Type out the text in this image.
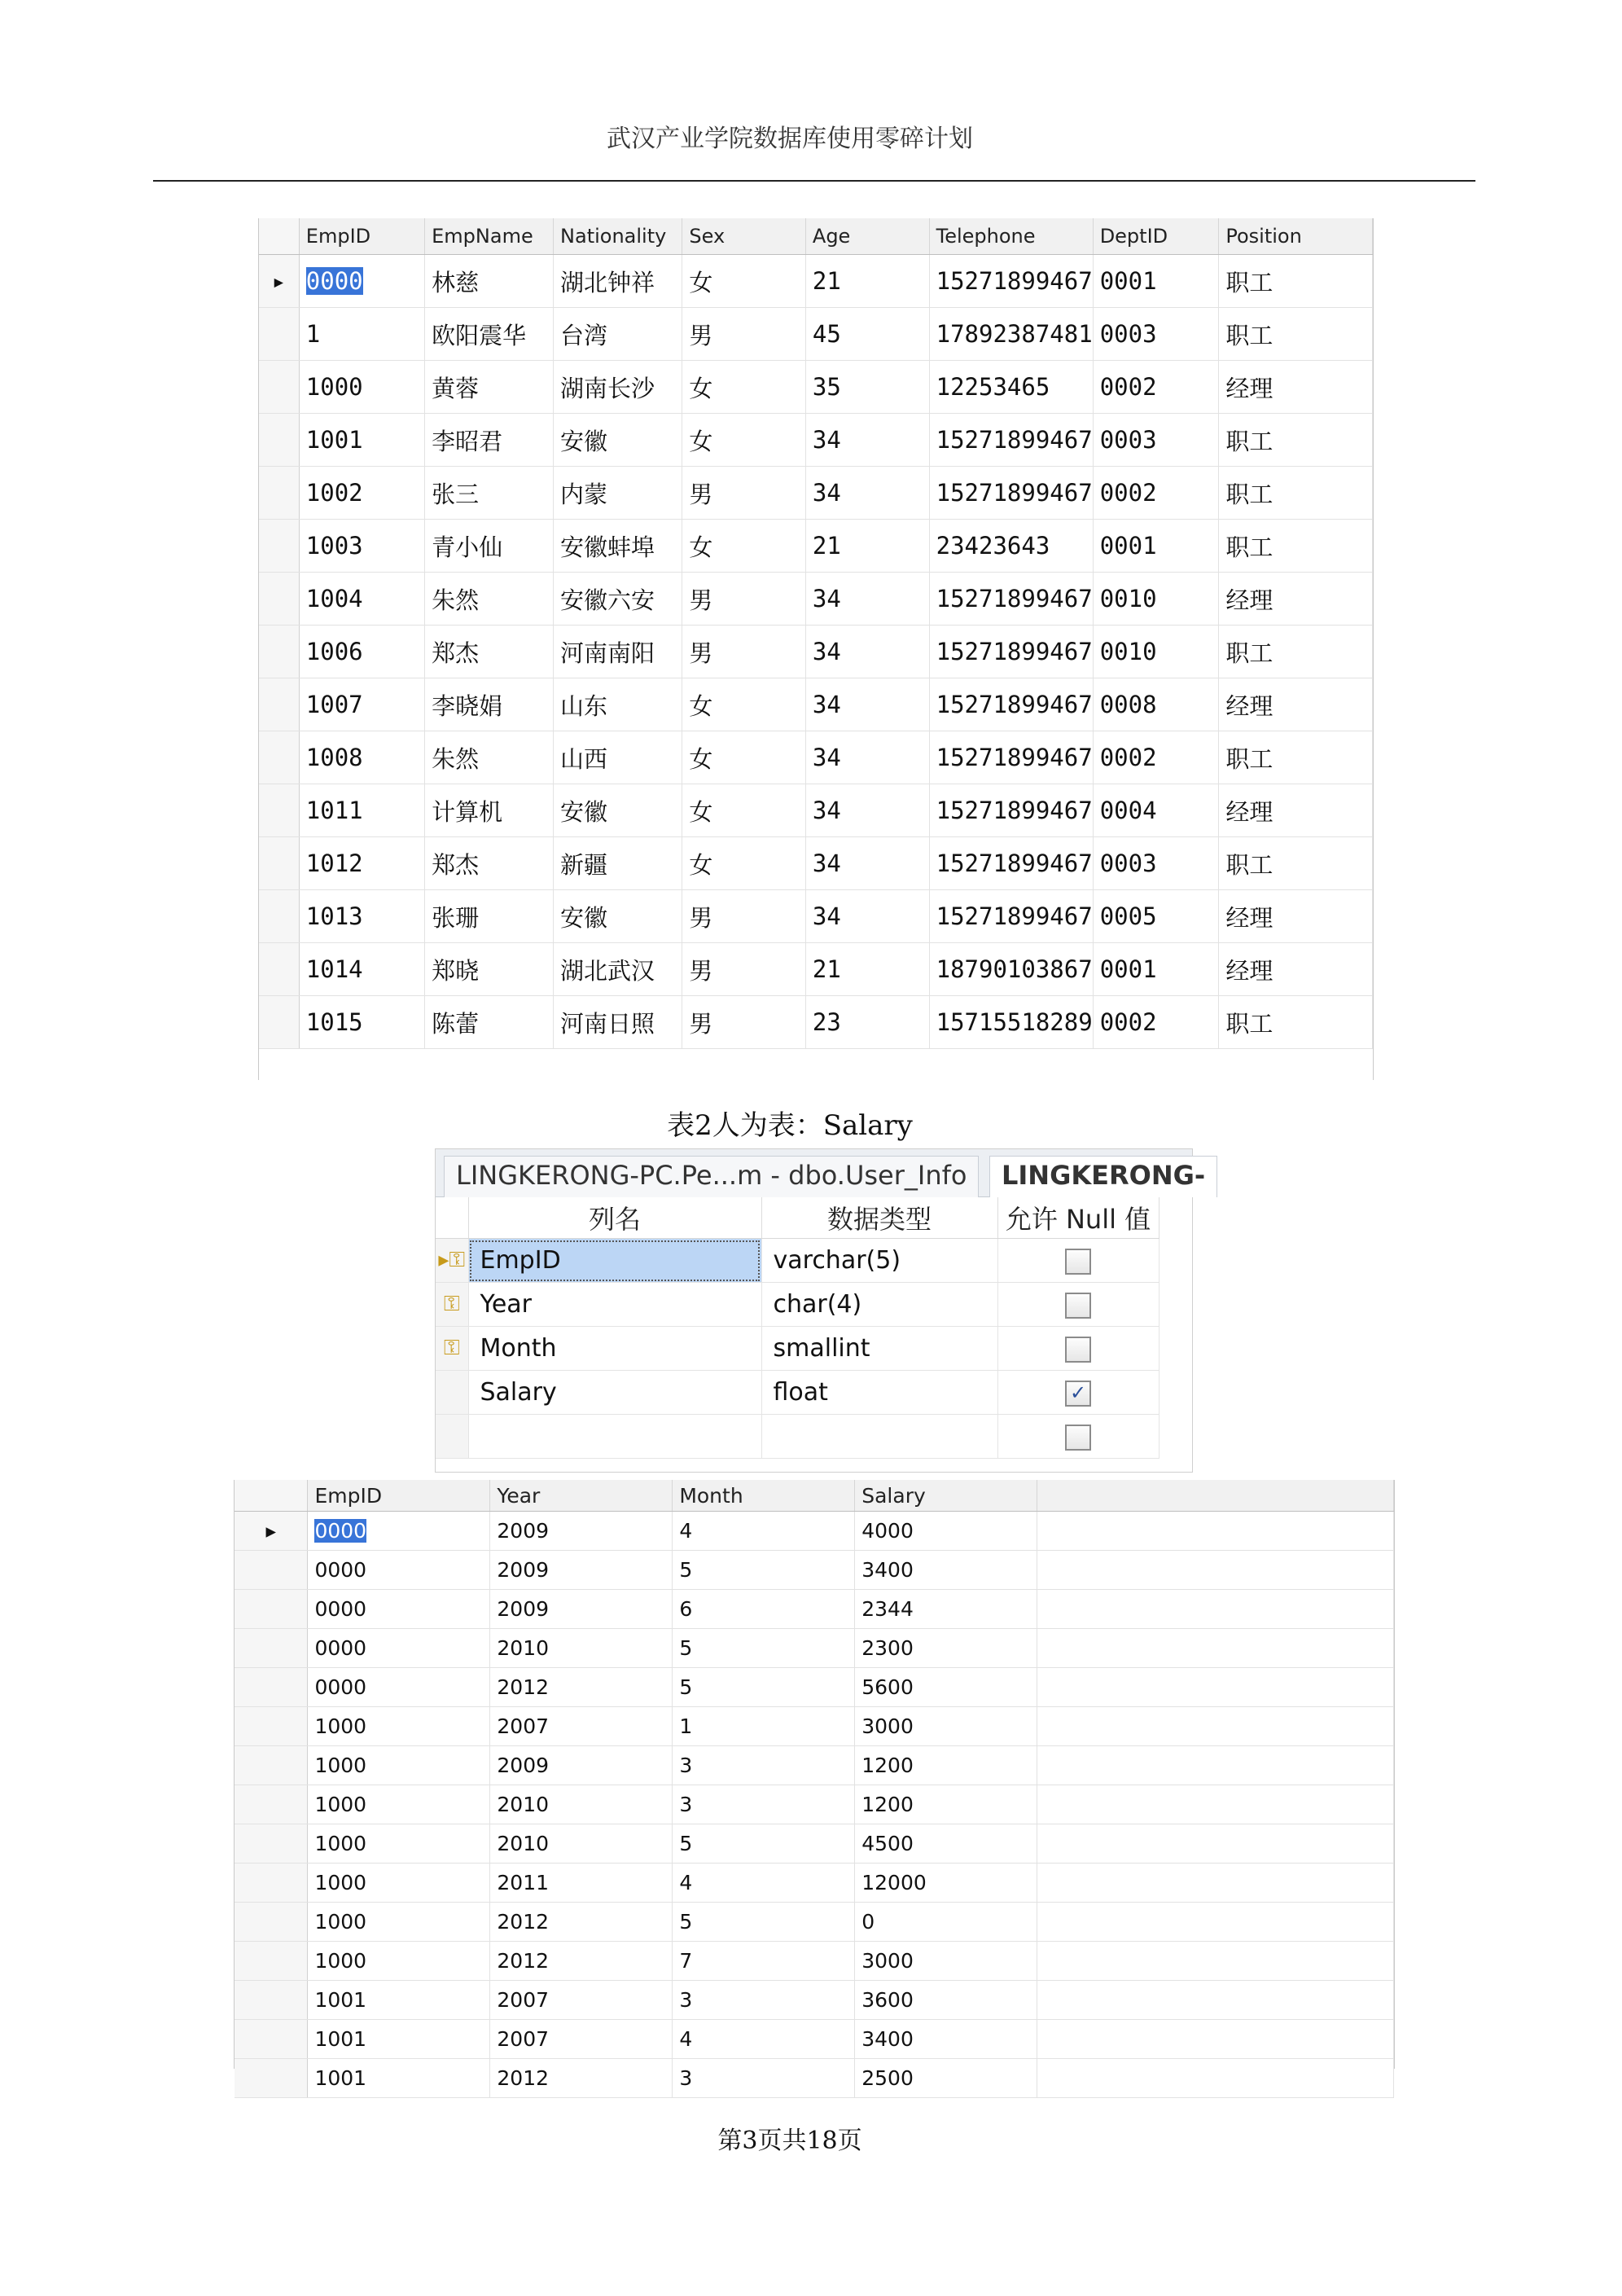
武汉产业学院数据库使用零碎计划
	EmpID	EmpName	Nationality	Sex	Age	Telephone	DeptID	Position
▸	0000	林慈	湖北钟祥	女	21	15271899467	0001	职工
	1	欧阳震华	台湾	男	45	17892387481	0003	职工
	1000	黄蓉	湖南长沙	女	35	12253465	0002	经理
	1001	李昭君	安徽	女	34	15271899467	0003	职工
	1002	张三	内蒙	男	34	15271899467	0002	职工
	1003	青小仙	安徽蚌埠	女	21	23423643	0001	职工
	1004	朱然	安徽六安	男	34	15271899467	0010	经理
	1006	郑杰	河南南阳	男	34	15271899467	0010	职工
	1007	李晓娟	山东	女	34	15271899467	0008	经理
	1008	朱然	山西	女	34	15271899467	0002	职工
	1011	计算机	安徽	女	34	15271899467	0004	经理
	1012	郑杰	新疆	女	34	15271899467	0003	职工
	1013	张珊	安徽	男	34	15271899467	0005	经理
	1014	郑晓	湖北武汉	男	21	18790103867	0001	经理
	1015	陈蕾	河南日照	男	23	15715518289	0002	职工
表2人为表：Salary
LINGKERONG-PC.Pe...m - dbo.User_Info	LINGKERONG-
	列名	数据类型	允许 Null 值
▸⚿	EmpID	varchar(5)	
⚿	Year	char(4)	
⚿	Month	smallint	
	Salary	float	✓

	EmpID	Year	Month	Salary	
▸	0000	2009	4	4000	
	0000	2009	5	3400	
	0000	2009	6	2344	
	0000	2010	5	2300	
	0000	2012	5	5600	
	1000	2007	1	3000	
	1000	2009	3	1200	
	1000	2010	3	1200	
	1000	2010	5	4500	
	1000	2011	4	12000	
	1000	2012	5	0	
	1000	2012	7	3000	
	1001	2007	3	3600	
	1001	2007	4	3400	
	1001	2012	3	2500	
第3页共18页
